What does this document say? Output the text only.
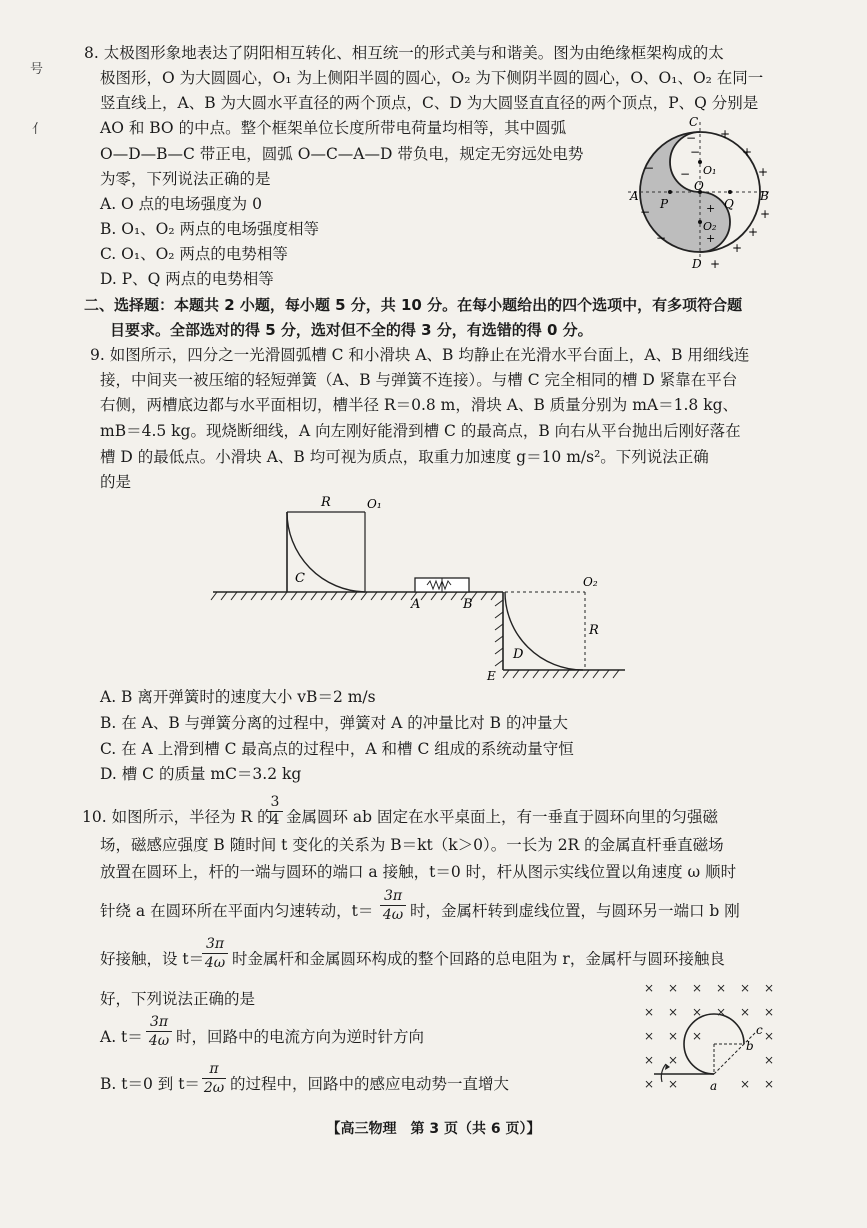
号
亻
8. 太极图形象地表达了阴阳相互转化、相互统一的形式美与和谐美。图为由绝缘框架构成的太
极图形，O 为大圆圆心，O₁ 为上侧阳半圆的圆心，O₂ 为下侧阴半圆的圆心，O、O₁、O₂ 在同一
竖直线上，A、B 为大圆水平直径的两个顶点，C、D 为大圆竖直直径的两个顶点，P、Q 分别是
AO 和 BO 的中点。整个框架单位长度所带电荷量均相等，其中圆弧
O—D—B—C 带正电，圆弧 O—C—A—D 带负电，规定无穷远处电势
为零，下列说法正确的是
A. O 点的电场强度为 0
B. O₁、O₂ 两点的电场强度相等
C. O₁、O₂ 两点的电势相等
D. P、Q 两点的电势相等
C
D
A	B
O
O₁
O₂
P	Q
+
+
+
+
+
+
+
+
+
−
−
−
−
−
−
二、选择题：本题共 2 小题，每小题 5 分，共 10 分。在每小题给出的四个选项中，有多项符合题
目要求。全部选对的得 5 分，选对但不全的得 3 分，有选错的得 0 分。
9. 如图所示，四分之一光滑圆弧槽 C 和小滑块 A、B 均静止在光滑水平台面上，A、B 用细线连
接，中间夹一被压缩的轻短弹簧（A、B 与弹簧不连接）。与槽 C 完全相同的槽 D 紧靠在平台
右侧，两槽底边都与水平面相切，槽半径 R＝0.8 m，滑块 A、B 质量分别为 mA＝1.8 kg、
mB＝4.5 kg。现烧断细线，A 向左刚好能滑到槽 C 的最高点，B 向右从平台抛出后刚好落在
槽 D 的最低点。小滑块 A、B 均可视为质点，取重力加速度 g＝10 m/s²。下列说法正确
的是
R	O₁
C
A	B
O₂
R
D
E
A. B 离开弹簧时的速度大小 vB＝2 m/s
B. 在 A、B 与弹簧分离的过程中，弹簧对 A 的冲量比对 B 的冲量大
C. 在 A 上滑到槽 C 最高点的过程中，A 和槽 C 组成的系统动量守恒
D. 槽 C 的质量 mC＝3.2 kg
10. 如图所示，半径为 R 的
3
4 金属圆环 ab 固定在水平桌面上，有一垂直于圆环向里的匀强磁
场，磁感应强度 B 随时间 t 变化的关系为 B＝kt（k＞0）。一长为 2R 的金属直杆垂直磁场
放置在圆环上，杆的一端与圆环的端口 a 接触，t＝0 时，杆从图示实线位置以角速度 ω 顺时
针绕 a 在圆环所在平面内匀速转动，t＝
3π
4ω 时，金属杆转到虚线位置，与圆环另一端口 b 刚
好接触，设 t＝
3π
4ω 时金属杆和金属圆环构成的整个回路的总电阻为 r，金属杆与圆环接触良
好，下列说法正确的是
A. t＝
3π
4ω 时，回路中的电流方向为逆时针方向
B. t＝0 到 t＝
π
2ω 的过程中，回路中的感应电动势一直增大
× × × × × ×
× × × × × ×
× × ×	×
× ×	×
× ×	× ×
a
b
c
【高三物理　第 3 页（共 6 页）】
